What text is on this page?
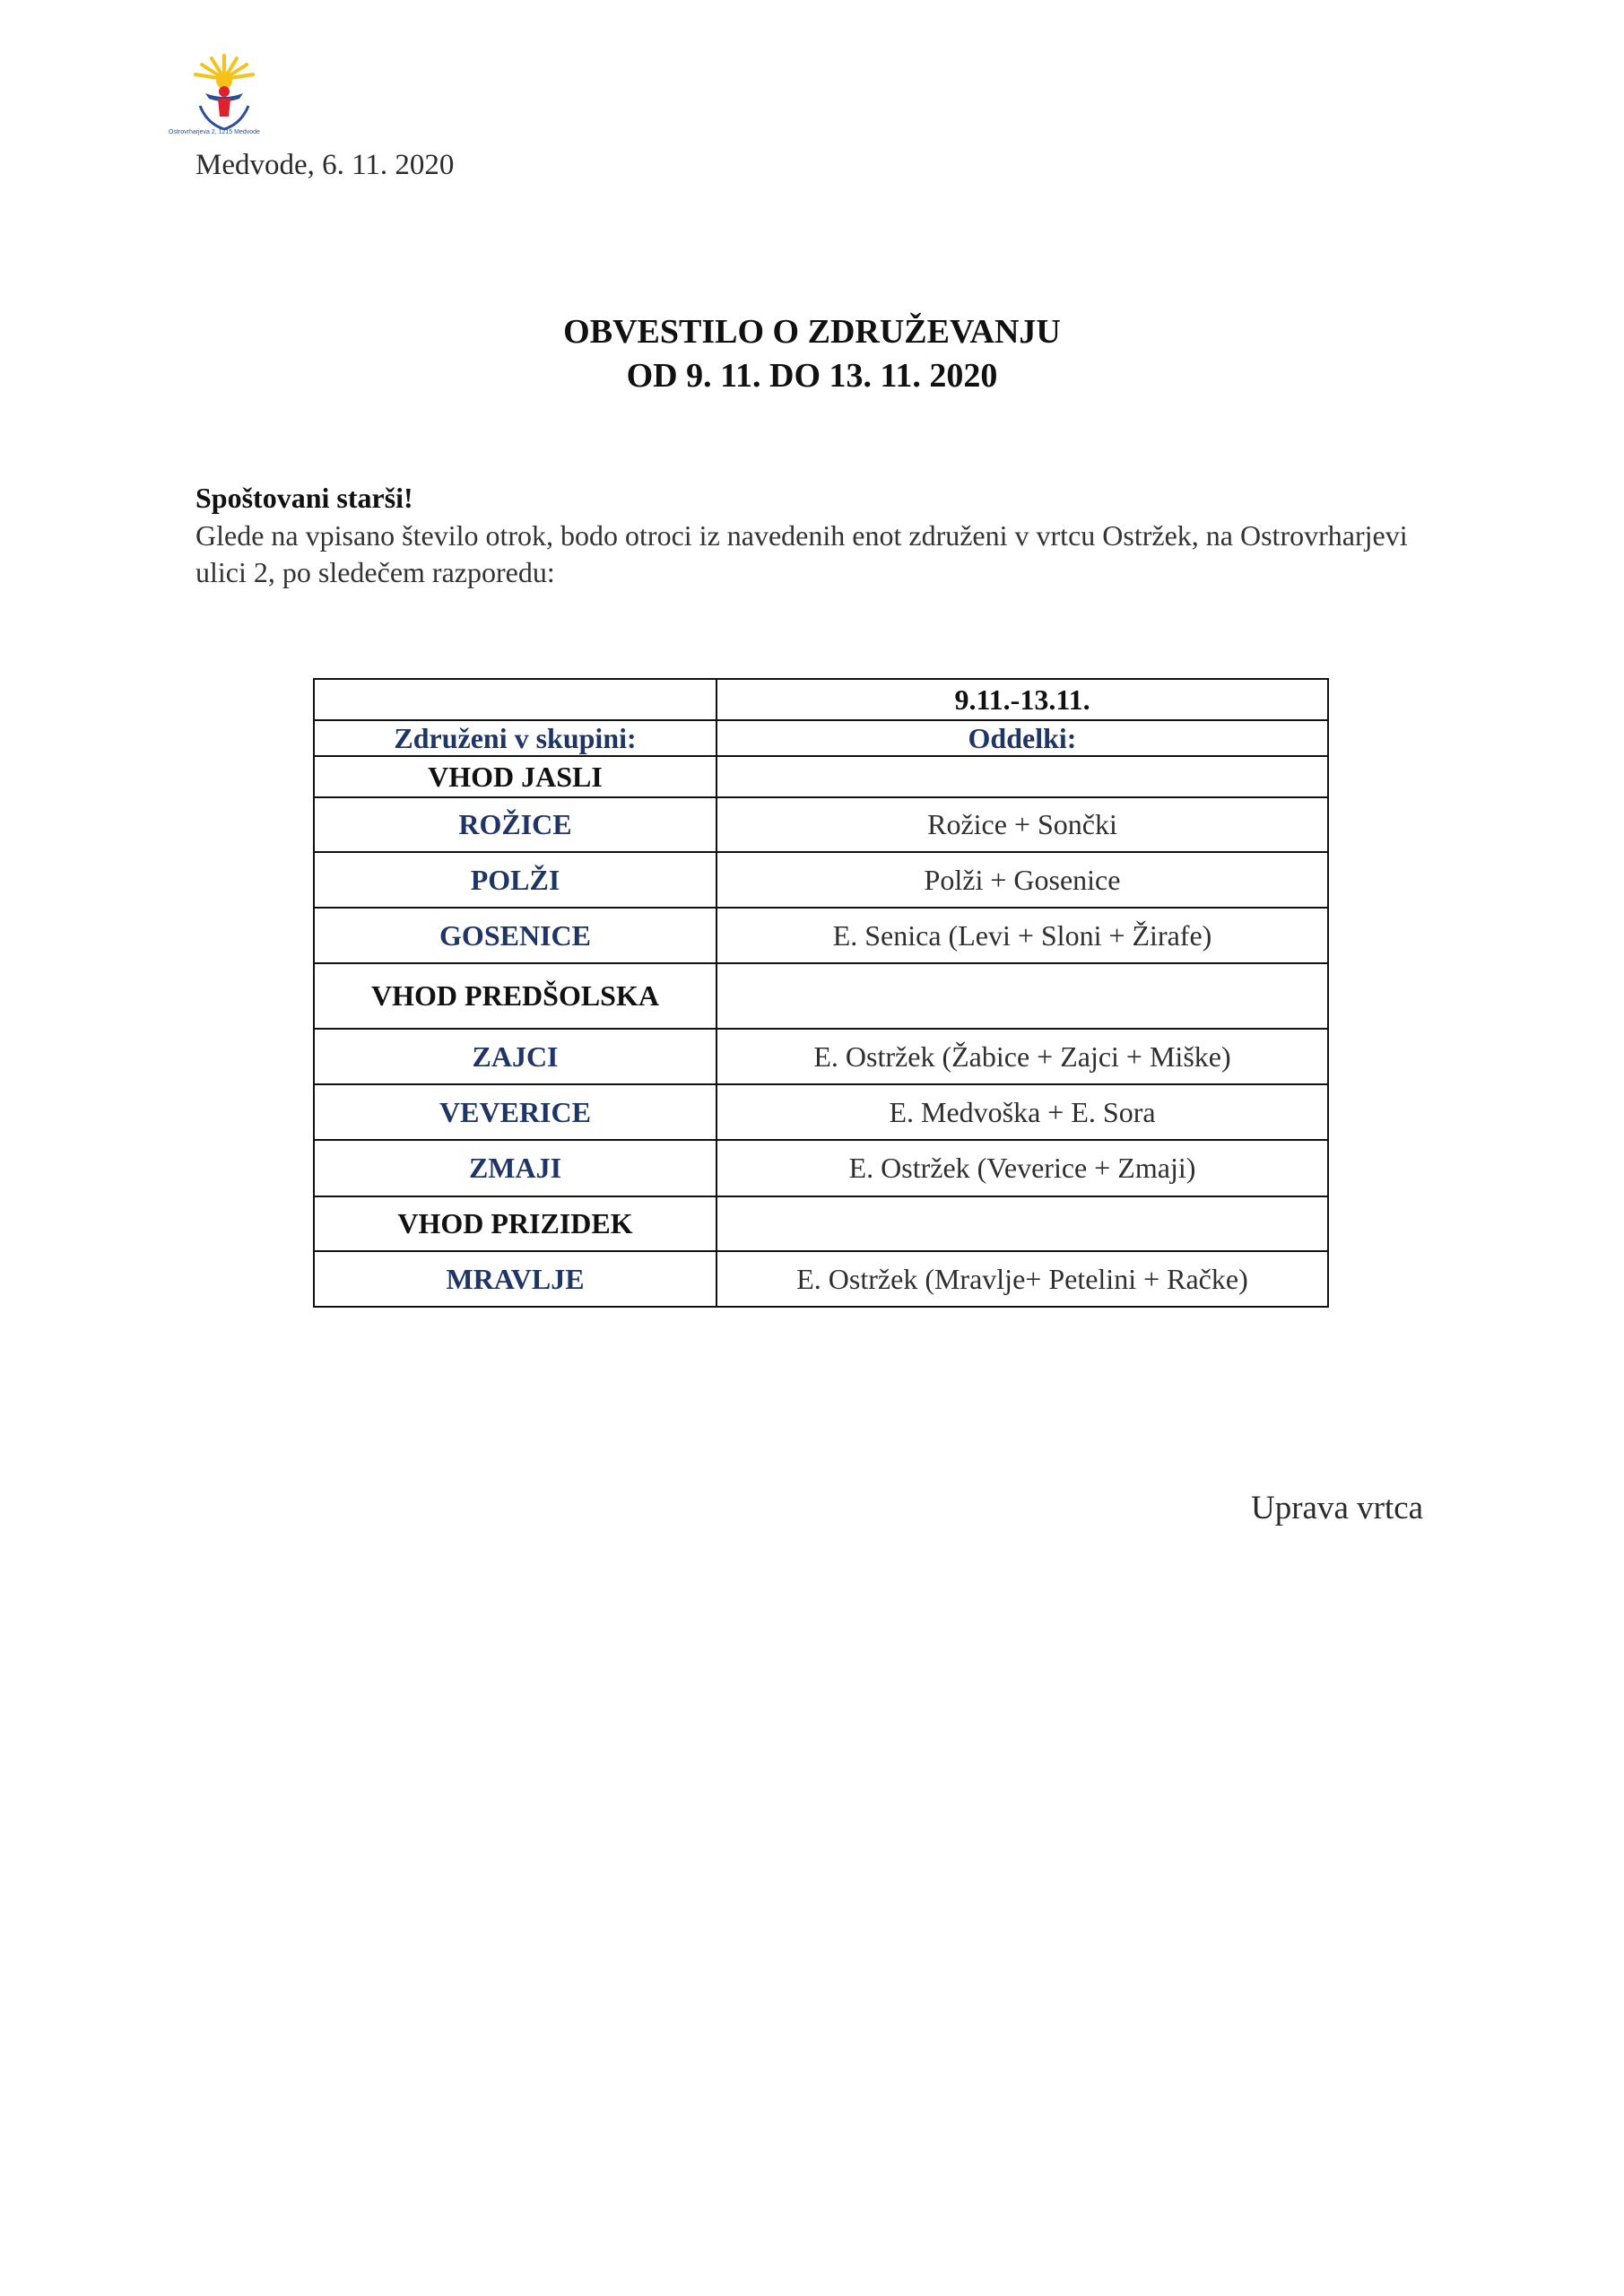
Ostrovrharjeva 2, 1215 Medvode
Medvode, 6. 11. 2020
OBVESTILO O ZDRUŽEVANJU
OD 9. 11. DO 13. 11. 2020
Spoštovani starši!
Glede na vpisano število otrok, bodo otroci iz navedenih enot združeni v vrtcu Ostržek, na Ostrovrharjevi ulici 2, po sledečem razporedu:
	9.11.-13.11.
Združeni v skupini:	Oddelki:
VHOD JASLI	
ROŽICE	Rožice + Sončki
POLŽI	Polži + Gosenice
GOSENICE	E. Senica (Levi + Sloni + Žirafe)
VHOD PREDŠOLSKA	
ZAJCI	E. Ostržek (Žabice + Zajci + Miške)
VEVERICE	E. Medvoška + E. Sora
ZMAJI	E. Ostržek (Veverice + Zmaji)
VHOD PRIZIDEK	
MRAVLJE	E. Ostržek (Mravlje+ Petelini + Račke)
Uprava vrtca
